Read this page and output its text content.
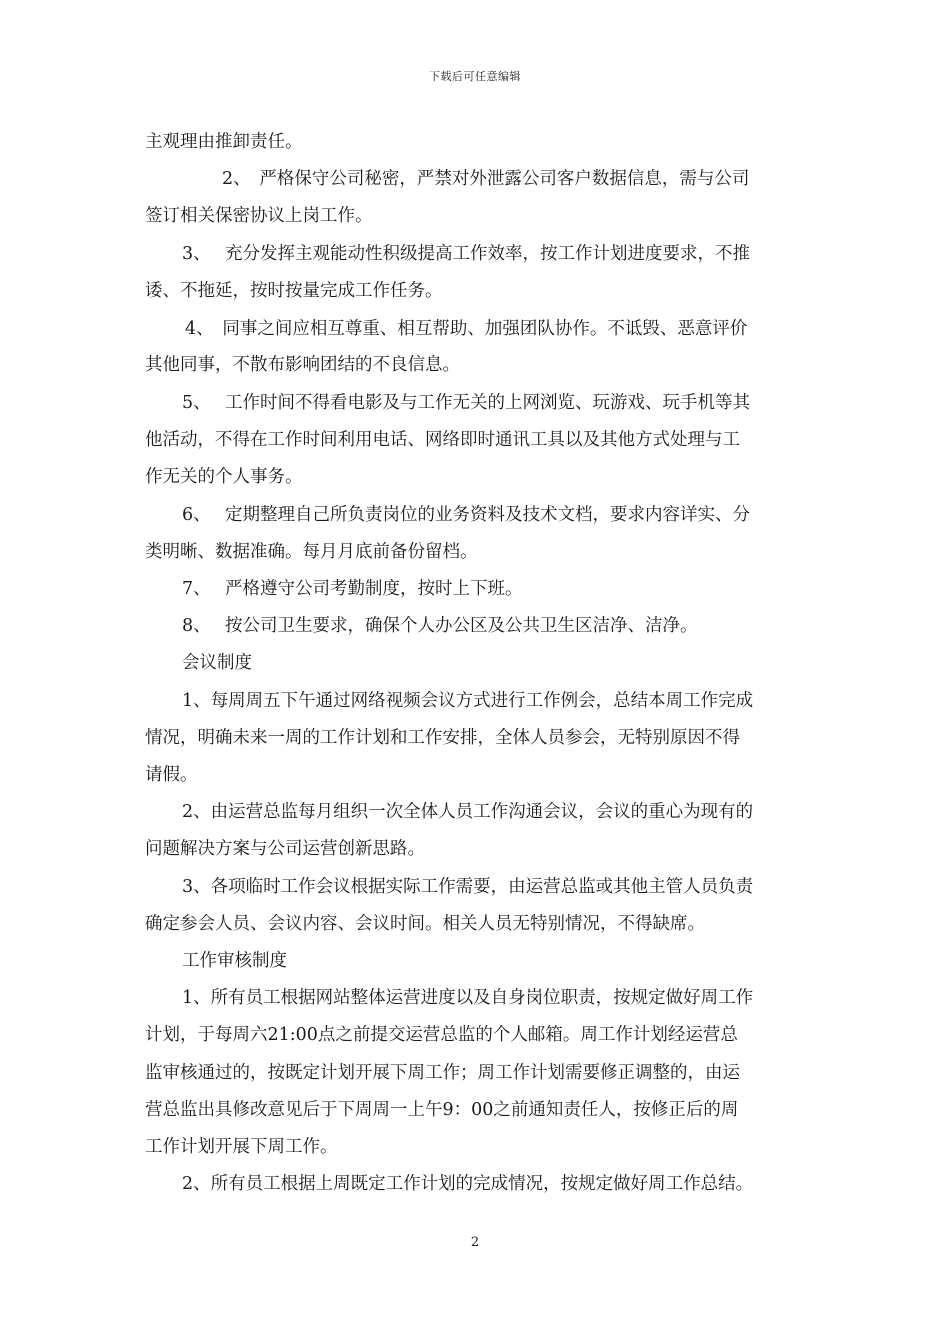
下载后可任意编辑
主观理由推卸责任。
2、　严格保守公司秘密，严禁对外泄露公司客户数据信息，需与公司
签订相关保密协议上岗工作。
3、　 充分发挥主观能动性积级提高工作效率，按工作计划进度要求，不推
诿、不拖延，按时按量完成工作任务。
4、　同事之间应相互尊重、相互帮助、加强团队协作。不诋毁、恶意评价
其他同事，不散布影响团结的不良信息。
5、　 工作时间不得看电影及与工作无关的上网浏览、玩游戏、玩手机等其
他活动，不得在工作时间利用电话、网络即时通讯工具以及其他方式处理与工
作无关的个人事务。
6、　 定期整理自己所负责岗位的业务资料及技术文档，要求内容详实、分
类明晰、数据准确。每月月底前备份留档。
7、　 严格遵守公司考勤制度，按时上下班。
8、　 按公司卫生要求，确保个人办公区及公共卫生区洁净、洁净。
会议制度
1、每周周五下午通过网络视频会议方式进行工作例会，总结本周工作完成
情况，明确未来一周的工作计划和工作安排，全体人员参会，无特别原因不得
请假。
2、由运营总监每月组织一次全体人员工作沟通会议，会议的重心为现有的
问题解决方案与公司运营创新思路。
3、各项临时工作会议根据实际工作需要，由运营总监或其他主管人员负责
确定参会人员、会议内容、会议时间。相关人员无特别情况，不得缺席。
工作审核制度
1、所有员工根据网站整体运营进度以及自身岗位职责，按规定做好周工作
计划，于每周六21:00点之前提交运营总监的个人邮箱。周工作计划经运营总
监审核通过的，按既定计划开展下周工作；周工作计划需要修正调整的，由运
营总监出具修改意见后于下周周一上午9：00之前通知责任人，按修正后的周
工作计划开展下周工作。
2、所有员工根据上周既定工作计划的完成情况，按规定做好周工作总结。
2
